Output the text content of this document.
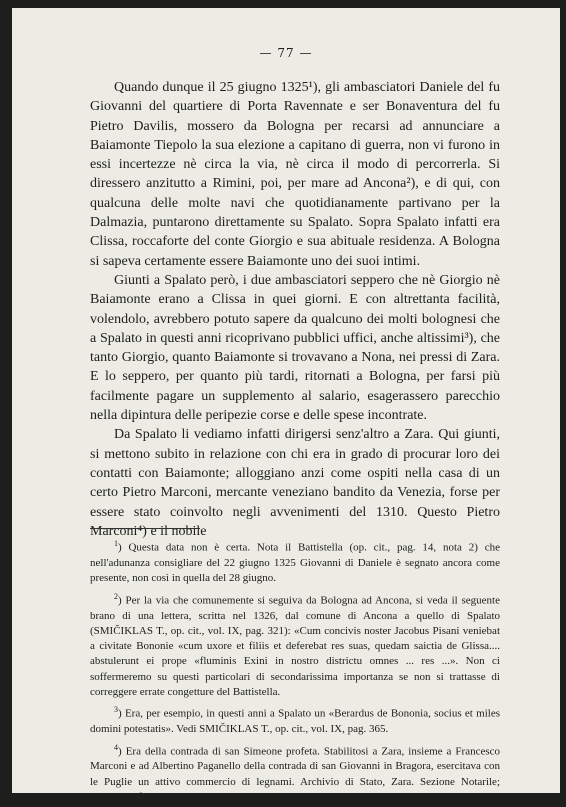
— 77 —

Quando dunque il 25 giugno 1325¹), gli ambasciatori Daniele del fu Giovanni del quartiere di Porta Ravennate e ser Bonaventura del fu Pietro Davilis, mossero da Bologna per recarsi ad annunciare a Baiamonte Tiepolo la sua elezione a capitano di guerra, non vi furono in essi incertezze nè circa la via, nè circa il modo di percorrerla. Si diressero anzitutto a Rimini, poi, per mare ad Ancona²), e di qui, con qualcuna delle molte navi che quotidianamente partivano per la Dalmazia, puntarono direttamente su Spalato. Sopra Spalato infatti era Clissa, roccaforte del conte Giorgio e sua abituale residenza. A Bologna si sapeva certamente essere Baiamonte uno dei suoi intimi.

Giunti a Spalato però, i due ambasciatori seppero che nè Giorgio nè Baiamonte erano a Clissa in quei giorni. E con altrettanta facilità, volendolo, avrebbero potuto sapere da qualcuno dei molti bolognesi che a Spalato in questi anni ricoprivano pubblici uffici, anche altissimi³), che tanto Giorgio, quanto Baiamonte si trovavano a Nona, nei pressi di Zara. E lo seppero, per quanto più tardi, ritornati a Bologna, per farsi più facilmente pagare un supplemento al salario, esagerassero parecchio nella dipintura delle peripezie corse e delle spese incontrate.

Da Spalato li vediamo infatti dirigersi senz'altro a Zara. Qui giunti, si mettono subito in relazione con chi era in grado di procurar loro dei contatti con Baiamonte; alloggiano anzi come ospiti nella casa di un certo Pietro Marconi, mercante veneziano bandito da Venezia, forse per essere stato coinvolto negli avvenimenti del 1310. Questo Pietro Marconi⁴) e il nobile

$^1$) Questa data non è certa. Nota il Battistella (op. cit., pag. 14, nota 2) che nell'adunanza consigliare del 22 giugno 1325 Giovanni di Daniele è segnato ancora come presente, non così in quella del 28 giugno.

$^2$) Per la via che comunemente si seguiva da Bologna ad Ancona, si veda il seguente brano di una lettera, scritta nel 1326, dal comune di Ancona a quello di Spalato (SMIČIKLAS T., op. cit., vol. IX, pag. 321): «Cum concivis noster Jacobus Pisani veniebat a civitate Bononie «cum uxore et filiis et deferebat res suas, quedam saictia de Glissa.... abstulerunt ei prope «fluminis Exini in nostro districtu omnes ... res ...». Non ci soffermeremo su questi particolari di secondarissima importanza se non si trattasse di correggere errate congetture del Battistella.

$^3$) Era, per esempio, in questi anni a Spalato un «Berardus de Bononia, socius et miles domini potestatis». Vedi SMIČIKLAS T., op. cit., vol. IX, pag. 365.

$^4$) Era della contrada di san Simeone profeta. Stabilitosi a Zara, insieme a Francesco Marconi e ad Albertino Paganello della contrada di san Giovanni in Bragora, esercitava con le Puglie un attivo commercio di legnami. Archivio di Stato, Zara. Sezione Notarile; protocollo frammentario d'ignoto notaio; anni 1317-1318.
